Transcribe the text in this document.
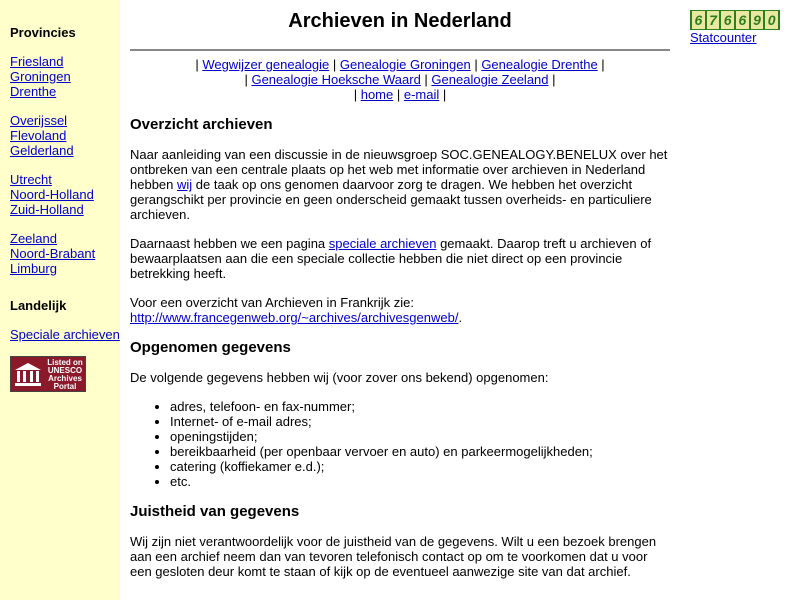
Provincies
Friesland
Groningen
Drenthe
Overijssel
Flevoland
Gelderland
Utrecht
Noord-Holland
Zuid-Holland
Zeeland
Noord-Brabant
Limburg
Landelijk
Speciale archieven
Listed on
UNESCO
Archives
Portal
Archieven in Nederland
| Wegwijzer genealogie | Genealogie Groningen | Genealogie Drenthe |
| Genealogie Hoeksche Waard | Genealogie Zeeland |
| home | e-mail |
Overzicht archieven

Naar aanleiding van een discussie in de nieuwsgroep SOC.GENEALOGY.BENELUX over het ontbreken van een centrale plaats op het web met informatie over archieven in Nederland hebben wij de taak op ons genomen daarvoor zorg te dragen. We hebben het overzicht gerangschikt per provincie en geen onderscheid gemaakt tussen overheids- en particuliere archieven.

Daarnaast hebben we een pagina speciale archieven gemaakt. Daarop treft u archieven of bewaarplaatsen aan die een speciale collectie hebben die niet direct op een provincie betrekking heeft.

Voor een overzicht van Archieven in Frankrijk zie:
http://www.francegenweb.org/~archives/archivesgenweb/.

Opgenomen gegevens

De volgende gegevens hebben wij (voor zover ons bekend) opgenomen:

• adres, telefoon- en fax-nummer;
• Internet- of e-mail adres;
• openingstijden;
• bereikbaarheid (per openbaar vervoer en auto) en parkeermogelijkheden;
• catering (koffiekamer e.d.);
• etc.
Juistheid van gegevens

Wij zijn niet verantwoordelijk voor de juistheid van de gegevens. Wilt u een bezoek brengen aan een archief neem dan van tevoren telefonisch contact op om te voorkomen dat u voor een gesloten deur komt te staan of kijk op de eventueel aanwezige site van dat archief.

6 7 6 6 9 0
Statcounter
